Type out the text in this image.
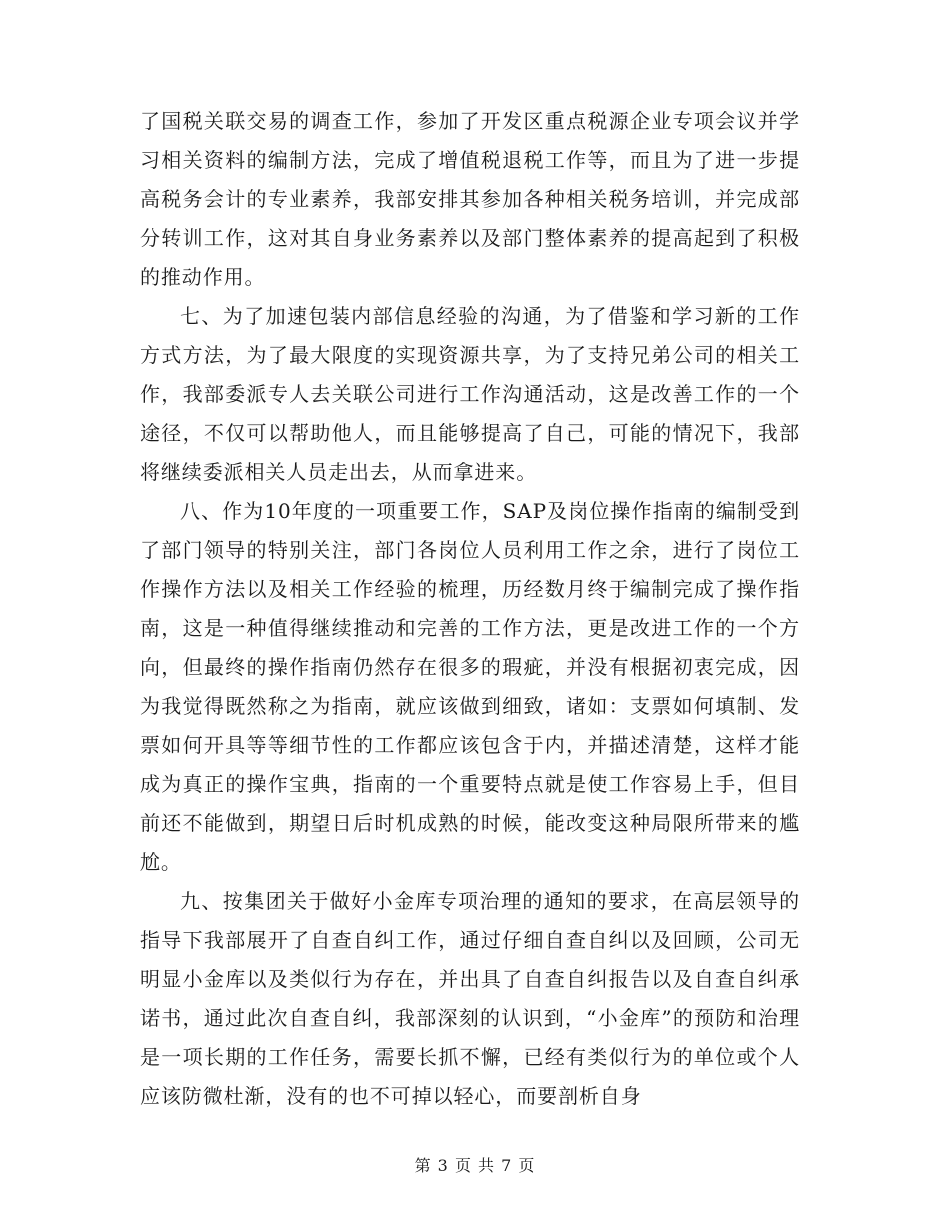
了国税关联交易的调查工作，参加了开发区重点税源企业专项会议并学习相关资料的编制方法，完成了增值税退税工作等，而且为了进一步提高税务会计的专业素养，我部安排其参加各种相关税务培训，并完成部分转训工作，这对其自身业务素养以及部门整体素养的提高起到了积极的推动作用。

七、为了加速包装内部信息经验的沟通，为了借鉴和学习新的工作方式方法，为了最大限度的实现资源共享，为了支持兄弟公司的相关工作，我部委派专人去关联公司进行工作沟通活动，这是改善工作的一个途径，不仅可以帮助他人，而且能够提高了自己，可能的情况下，我部将继续委派相关人员走出去，从而拿进来。

八、作为10年度的一项重要工作，SAP及岗位操作指南的编制受到了部门领导的特别关注，部门各岗位人员利用工作之余，进行了岗位工作操作方法以及相关工作经验的梳理，历经数月终于编制完成了操作指南，这是一种值得继续推动和完善的工作方法，更是改进工作的一个方向，但最终的操作指南仍然存在很多的瑕疵，并没有根据初衷完成，因为我觉得既然称之为指南，就应该做到细致，诸如：支票如何填制、发票如何开具等等细节性的工作都应该包含于内，并描述清楚，这样才能成为真正的操作宝典，指南的一个重要特点就是使工作容易上手，但目前还不能做到，期望日后时机成熟的时候，能改变这种局限所带来的尴尬。

九、按集团关于做好小金库专项治理的通知的要求，在高层领导的指导下我部展开了自查自纠工作，通过仔细自查自纠以及回顾，公司无明显小金库以及类似行为存在，并出具了自查自纠报告以及自查自纠承诺书，通过此次自查自纠，我部深刻的认识到，“小金库”的预防和治理是一项长期的工作任务，需要长抓不懈，已经有类似行为的单位或个人应该防微杜渐，没有的也不可掉以轻心，而要剖析自身

第 3 页 共 7 页
